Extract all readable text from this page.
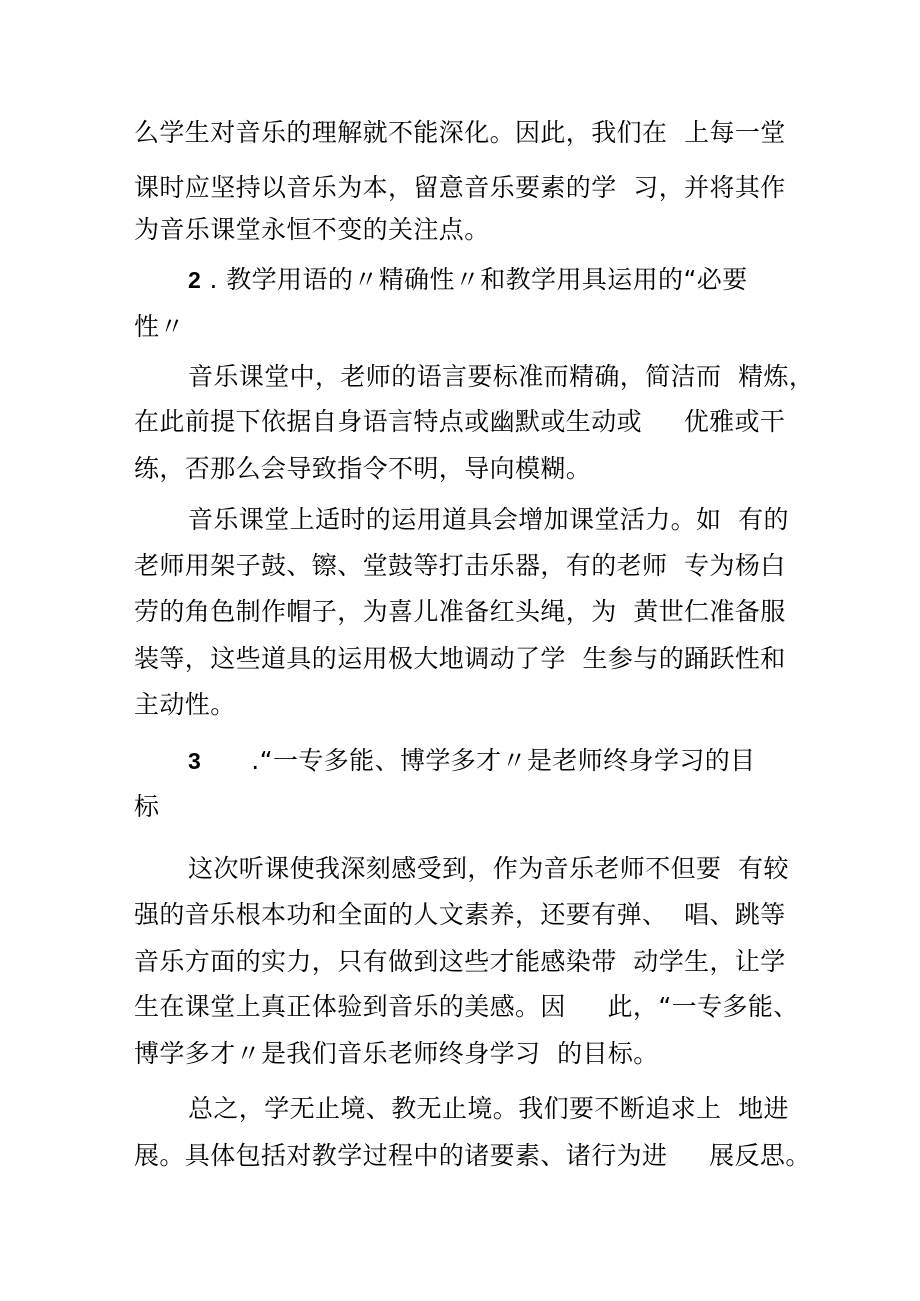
么学生对音乐的理解就不能深化。因此，我们在  上每一堂
课时应坚持以音乐为本，留意音乐要素的学  习，并将其作
为音乐课堂永恒不变的关注点。
2 . 教学用语的〃精确性〃和教学用具运用的“必要
性〃
音乐课堂中，老师的语言要标准而精确，简洁而  精炼，
在此前提下依据自身语言特点或幽默或生动或     优雅或干
练，否那么会导致指令不明，导向模糊。
音乐课堂上适时的运用道具会增加课堂活力。如  有的
老师用架子鼓、镲、堂鼓等打击乐器，有的老师  专为杨白
劳的角色制作帽子，为喜儿准备红头绳，为  黄世仁准备服
装等，这些道具的运用极大地调动了学  生参与的踊跃性和
主动性。
3      .“一专多能、博学多才〃是老师终身学习的目
标
这次听课使我深刻感受到，作为音乐老师不但要  有较
强的音乐根本功和全面的人文素养，还要有弹、  唱、跳等
音乐方面的实力，只有做到这些才能感染带  动学生，让学
生在课堂上真正体验到音乐的美感。因     此，“一专多能、
博学多才〃是我们音乐老师终身学习  的目标。
总之，学无止境、教无止境。我们要不断追求上  地进
展。具体包括对教学过程中的诸要素、诸行为进     展反思。
